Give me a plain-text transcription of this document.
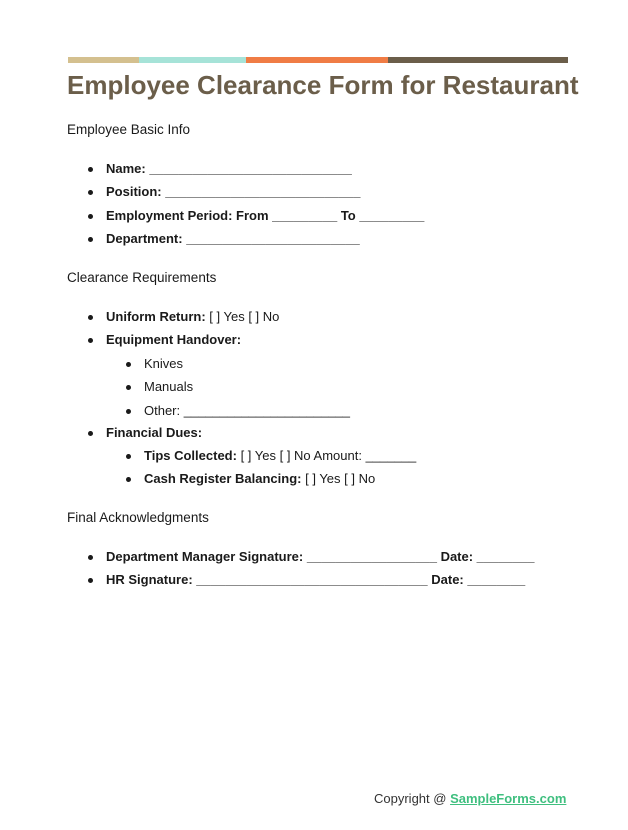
Employee Clearance Form for Restaurant
Employee Basic Info
Name: ____________________________
Position: ___________________________
Employment Period: From _________ To _________
Department: ________________________
Clearance Requirements
Uniform Return: [ ] Yes [ ] No
Equipment Handover:
Knives
Manuals
Other: _______________________
Financial Dues:
Tips Collected: [ ] Yes [ ] No Amount: _______
Cash Register Balancing: [ ] Yes [ ] No
Final Acknowledgments
Department Manager Signature: __________________ Date: ________
HR Signature: ________________________________ Date: ________
Copyright @ SampleForms.com
